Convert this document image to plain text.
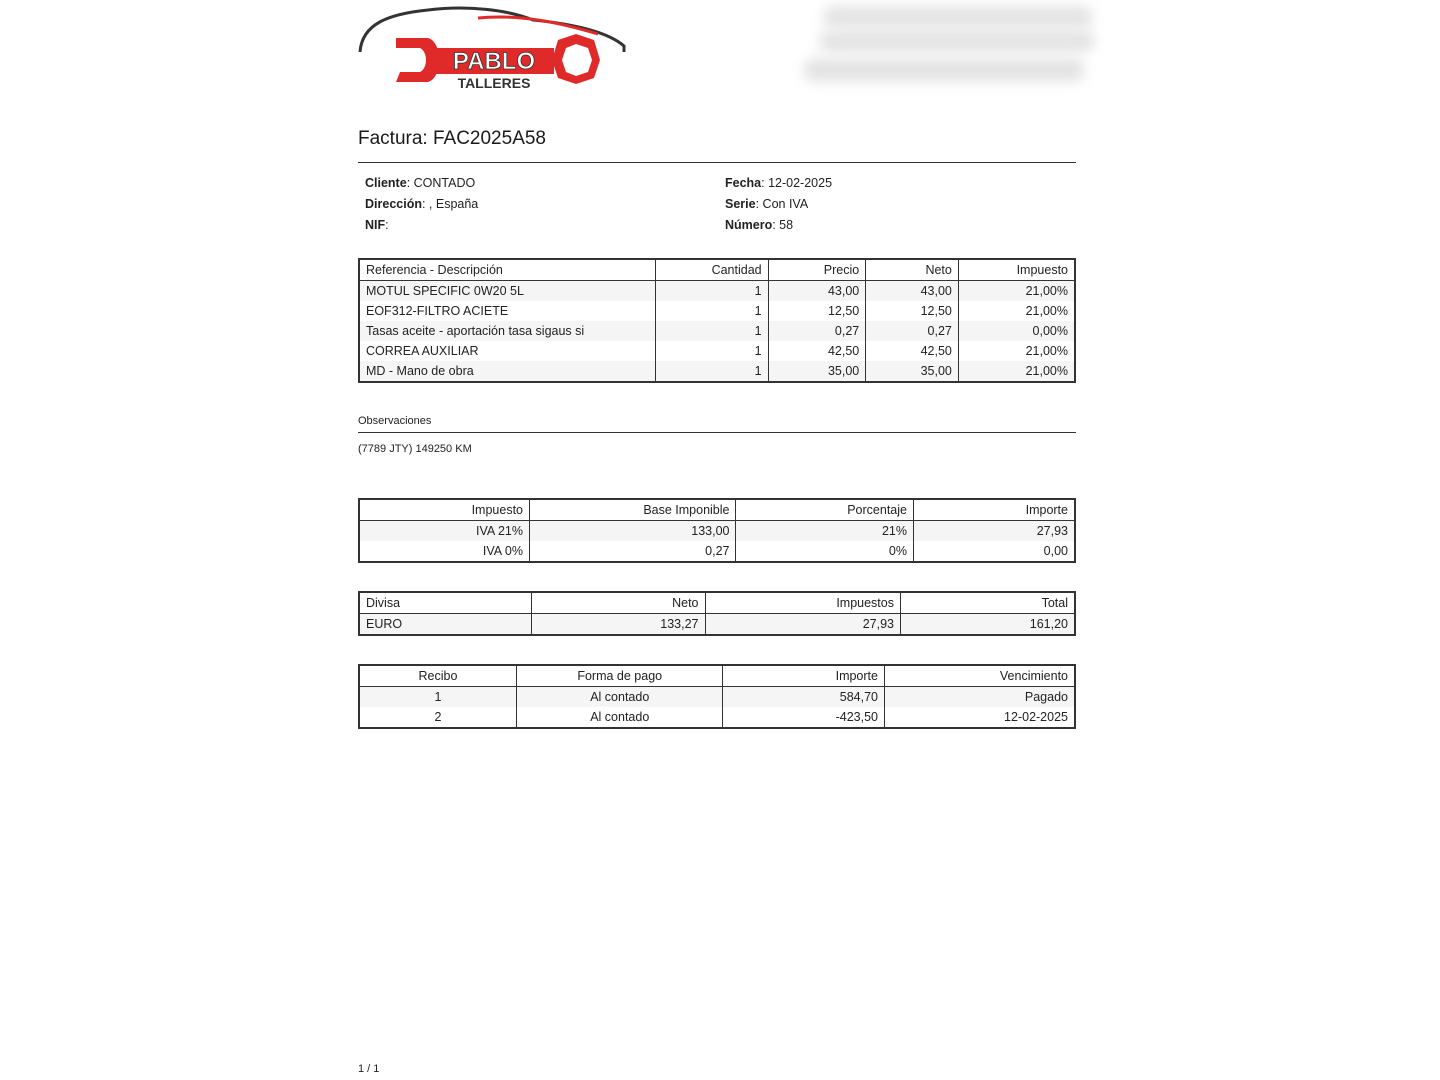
PABLO
TALLERES
Factura: FAC2025A58
Cliente: CONTADO
Dirección: , España
NIF:
Fecha: 12-02-2025
Serie: Con IVA
Número: 58
Referencia - Descripción	Cantidad	Precio	Neto	Impuesto
MOTUL SPECIFIC 0W20 5L	1	43,00	43,00	21,00%
EOF312-FILTRO ACIETE	1	12,50	12,50	21,00%
Tasas aceite - aportación tasa sigaus si	1	0,27	0,27	0,00%
CORREA AUXILIAR	1	42,50	42,50	21,00%
MD - Mano de obra	1	35,00	35,00	21,00%
Observaciones
(7789 JTY) 149250 KM
Impuesto	Base Imponible	Porcentaje	Importe
IVA 21%	133,00	21%	27,93
IVA 0%	0,27	0%	0,00
Divisa	Neto	Impuestos	Total
EURO	133,27	27,93	161,20
Recibo	Forma de pago	Importe	Vencimiento
1	Al contado	584,70	Pagado
2	Al contado	-423,50	12-02-2025
1 / 1
